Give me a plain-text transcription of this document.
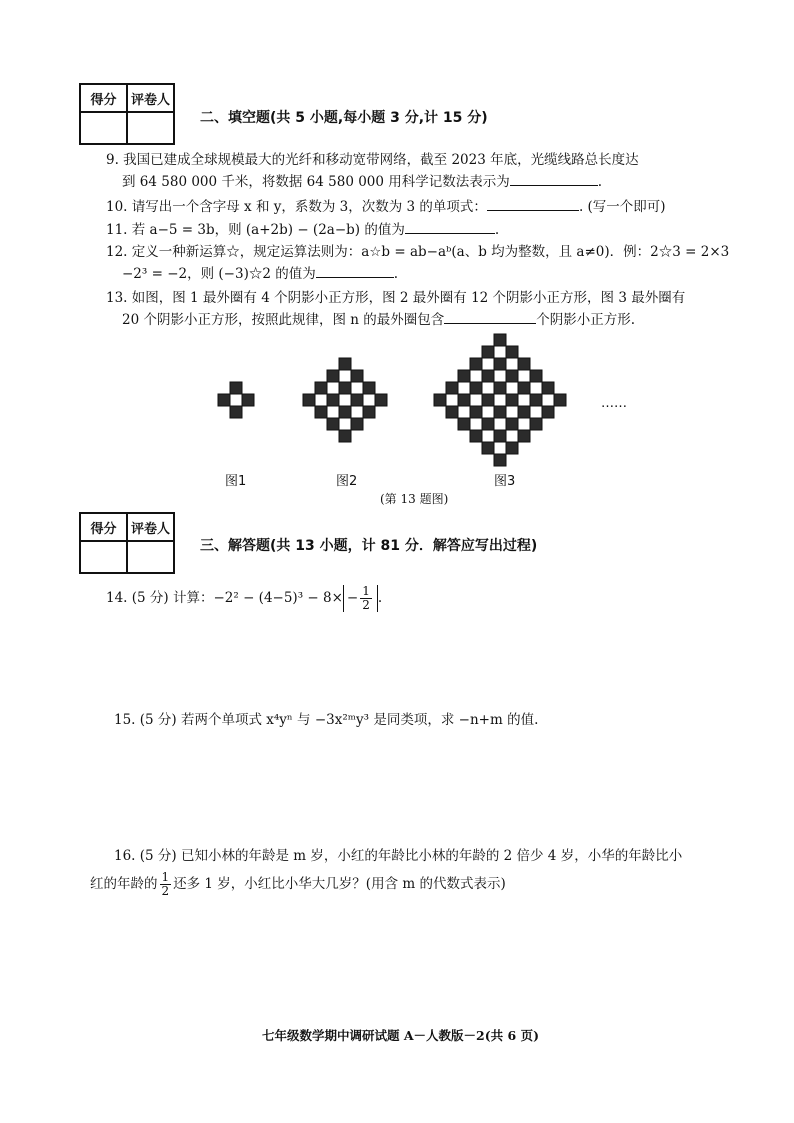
得分	评卷人

二、填空题(共 5 小题,每小题 3 分,计 15 分)
9. 我国已建成全球规模最大的光纤和移动宽带网络，截至 2023 年底，光缆线路总长度达
到 64 580 000 千米，将数据 64 580 000 用科学记数法表示为	.
10. 请写出一个含字母 x 和 y，系数为 3，次数为 3 的单项式：	. (写一个即可)
11. 若 a−5 = 3b，则 (a+2b) − (2a−b) 的值为	.
12. 定义一种新运算☆，规定运算法则为：a☆b = ab−aᵇ(a、b 均为整数，且 a≠0)．例：2☆3 = 2×3
−2³ = −2，则 (−3)☆2 的值为	.
13. 如图，图 1 最外圈有 4 个阴影小正方形，图 2 最外圈有 12 个阴影小正方形，图 3 最外圈有
20 个阴影小正方形，按照此规律，图 n 的最外圈包含	个阴影小正方形.
……
图1	图2	图3
(第 13 题图)
得分	评卷人

三、解答题(共 13 小题，计 81 分．解答应写出过程)
14. (5 分) 计算：$-2^2 - (4-5)^3 - 8\times - \frac{1}{2}$ .
15. (5 分) 若两个单项式 x⁴yⁿ 与 −3x²ᵐy³ 是同类项，求 −n+m 的值.
16. (5 分) 已知小林的年龄是 m 岁，小红的年龄比小林的年龄的 2 倍少 4 岁，小华的年龄比小
红的年龄的 $\frac{1}{2}$ 还多 1 岁，小红比小华大几岁？(用含 m 的代数式表示)
七年级数学期中调研试题 A－人教版－2(共 6 页)
